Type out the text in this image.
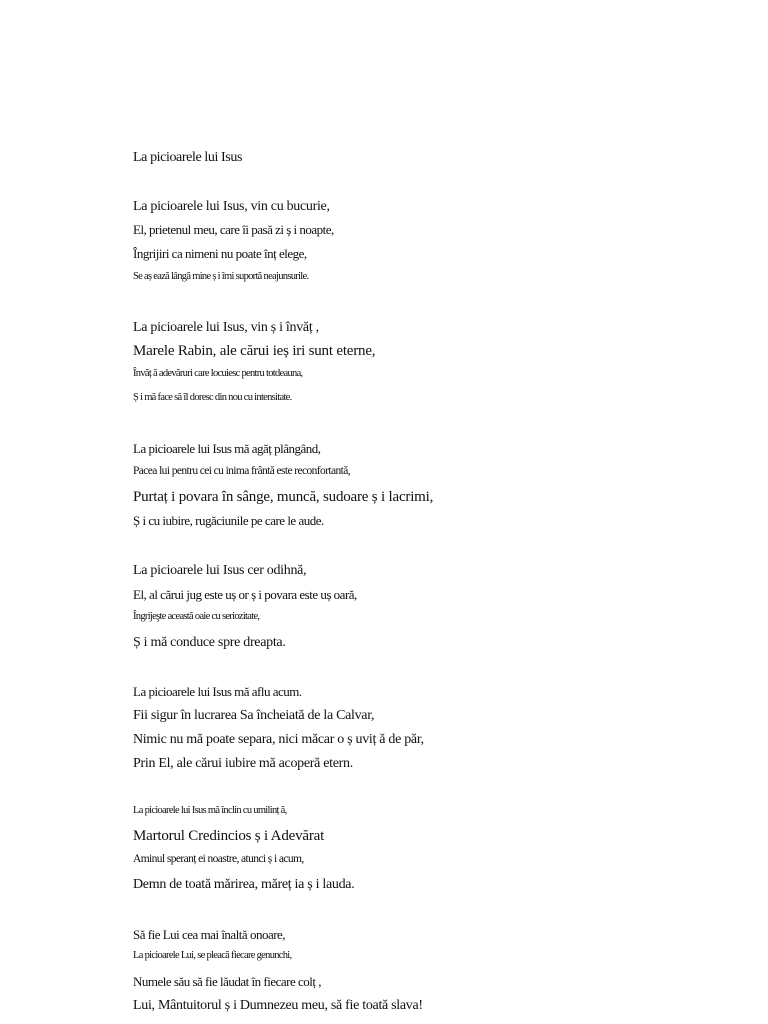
La picioarele lui Isus
La picioarele lui Isus, vin cu bucurie,
El, prietenul meu, care îi pasă zi ș i noapte,
Îngrijiri ca nimeni nu poate înț elege,
Se aș ează lângă mine ș i îmi suportă neajunsurile.
La picioarele lui Isus, vin ș i învăț ,
Marele Rabin, ale cărui ieș iri sunt eterne,
Învăț ă adevăruri care locuiesc pentru totdeauna,
Ș i mă face să îl doresc din nou cu intensitate.
La picioarele lui Isus mă agăț plângând,
Pacea lui pentru cei cu inima frântă este reconfortantă,
Purtaț i povara în sânge, muncă, sudoare ș i lacrimi,
Ș i cu iubire, rugăciunile pe care le aude.
La picioarele lui Isus cer odihnă,
El, al cărui jug este uș or ș i povara este uș oară,
Îngrijeşte această oaie cu seriozitate,
Ș i mă conduce spre dreapta.
La picioarele lui Isus mă aflu acum.
Fii sigur în lucrarea Sa încheiată de la Calvar,
Nimic nu mă poate separa, nici măcar o ș uviț ă de păr,
Prin El, ale cărui iubire mă acoperă etern.
La picioarele lui Isus mă înclin cu umilinț ă,
Martorul Credincios ș i Adevărat
Aminul speranț ei noastre, atunci ș i acum,
Demn de toată mărirea, măreț ia ș i lauda.
Să fie Lui cea mai înaltă onoare,
La picioarele Lui, se pleacă fiecare genunchi,
Numele său să fie lăudat în fiecare colț ,
Lui, Mântuitorul ș i Dumnezeu meu, să fie toată slava!
